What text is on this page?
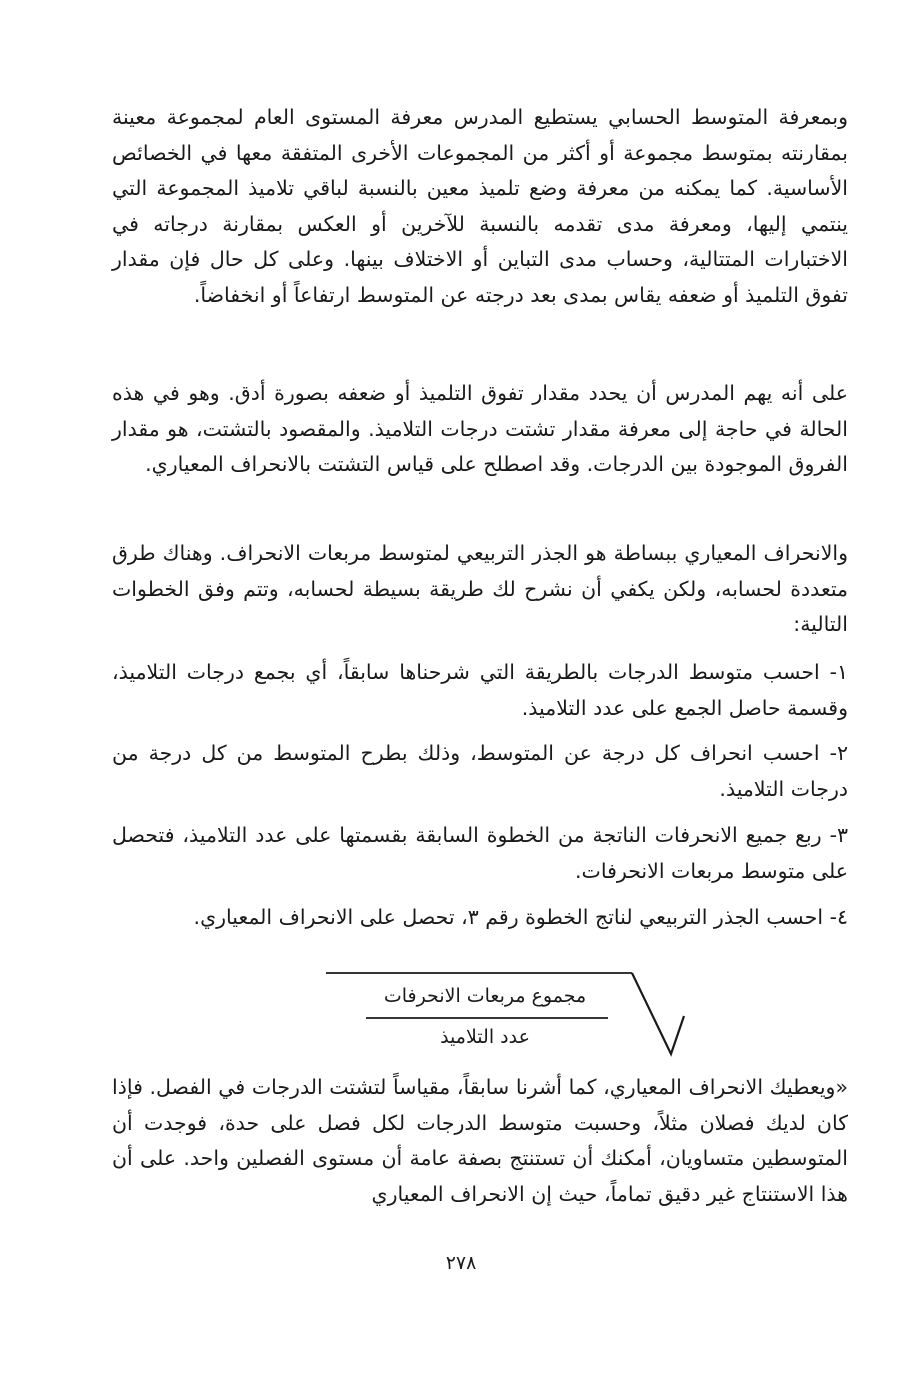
وبمعرفة المتوسط الحسابي يستطيع المدرس معرفة المستوى العام لمجموعة معينة بمقارنته بمتوسط مجموعة أو أكثر من المجموعات الأخرى المتفقة معها في الخصائص الأساسية. كما يمكنه من معرفة وضع تلميذ معين بالنسبة لباقي تلاميذ المجموعة التي ينتمي إليها، ومعرفة مدى تقدمه بالنسبة للآخرين أو العكس بمقارنة درجاته في الاختبارات المتتالية، وحساب مدى التباين أو الاختلاف بينها. وعلى كل حال فإن مقدار تفوق التلميذ أو ضعفه يقاس بمدى بعد درجته عن المتوسط ارتفاعاً أو انخفاضاً.

على أنه يهم المدرس أن يحدد مقدار تفوق التلميذ أو ضعفه بصورة أدق. وهو في هذه الحالة في حاجة إلى معرفة مقدار تشتت درجات التلاميذ. والمقصود بالتشتت، هو مقدار الفروق الموجودة بين الدرجات. وقد اصطلح على قياس التشتت بالانحراف المعياري.

والانحراف المعياري ببساطة هو الجذر التربيعي لمتوسط مربعات الانحراف. وهناك طرق متعددة لحسابه، ولكن يكفي أن نشرح لك طريقة بسيطة لحسابه، وتتم وفق الخطوات التالية:

١- احسب متوسط الدرجات بالطريقة التي شرحناها سابقاً، أي بجمع درجات التلاميذ، وقسمة حاصل الجمع على عدد التلاميذ.

٢- احسب انحراف كل درجة عن المتوسط، وذلك بطرح المتوسط من كل درجة من درجات التلاميذ.

٣- ربع جميع الانحرفات الناتجة من الخطوة السابقة بقسمتها على عدد التلاميذ، فتحصل على متوسط مربعات الانحرفات.

٤- احسب الجذر التربيعي لناتج الخطوة رقم ٣، تحصل على الانحراف المعياري.

مجموع مربعات الانحرفات
عدد التلاميذ

«ويعطيك الانحراف المعياري، كما أشرنا سابقاً، مقياساً لتشتت الدرجات في الفصل. فإذا كان لديك فصلان مثلاً، وحسبت متوسط الدرجات لكل فصل على حدة، فوجدت أن المتوسطين متساويان، أمكنك أن تستنتج بصفة عامة أن مستوى الفصلين واحد. على أن هذا الاستنتاج غير دقيق تماماً، حيث إن الانحراف المعياري

٢٧٨
